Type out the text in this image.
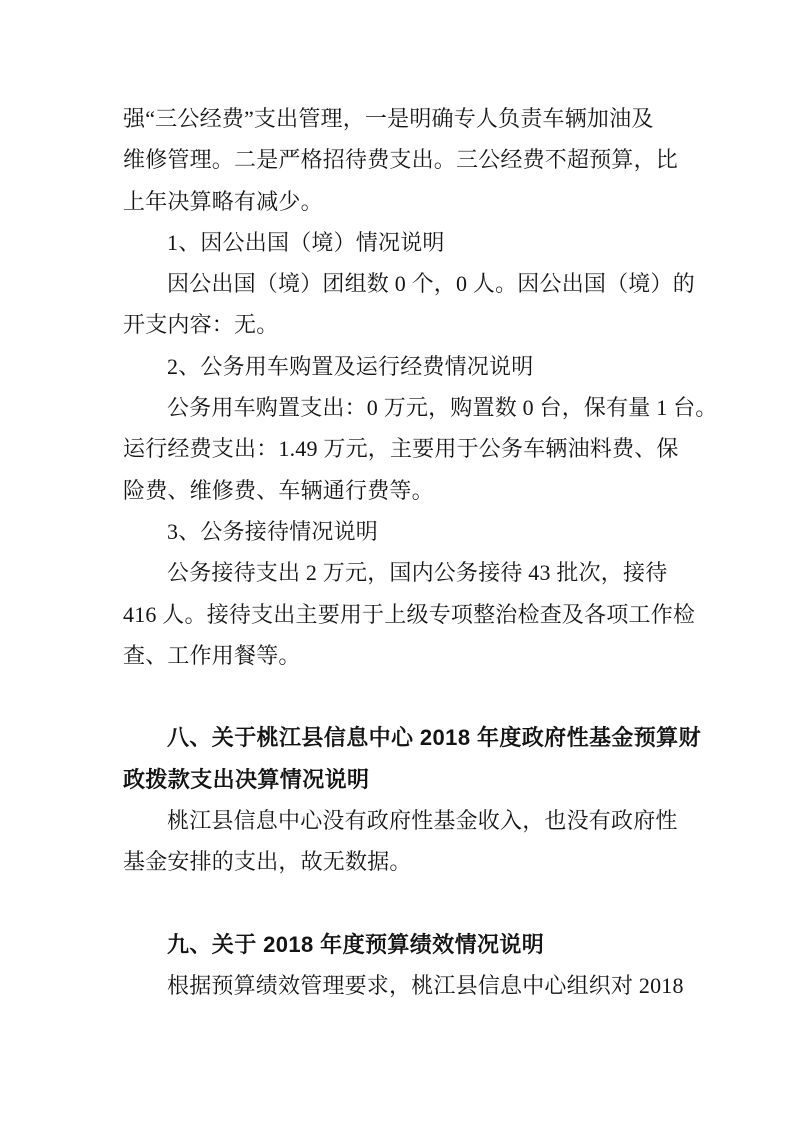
强“三公经费”支出管理，一是明确专人负责车辆加油及
维修管理。二是严格招待费支出。三公经费不超预算，比
上年决算略有减少。
1、因公出国（境）情况说明
因公出国（境）团组数 0 个，0 人。因公出国（境）的
开支内容：无。
2、公务用车购置及运行经费情况说明
公务用车购置支出：0 万元，购置数 0 台，保有量 1 台。
运行经费支出：1.49 万元，主要用于公务车辆油料费、保
险费、维修费、车辆通行费等。
3、公务接待情况说明
公务接待支出 2 万元，国内公务接待 43 批次，接待
416 人。接待支出主要用于上级专项整治检查及各项工作检
查、工作用餐等。
八、关于桃江县信息中心 2018 年度政府性基金预算财
政拨款支出决算情况说明
桃江县信息中心没有政府性基金收入，也没有政府性
基金安排的支出，故无数据。
九、关于 2018 年度预算绩效情况说明
根据预算绩效管理要求，桃江县信息中心组织对 2018
